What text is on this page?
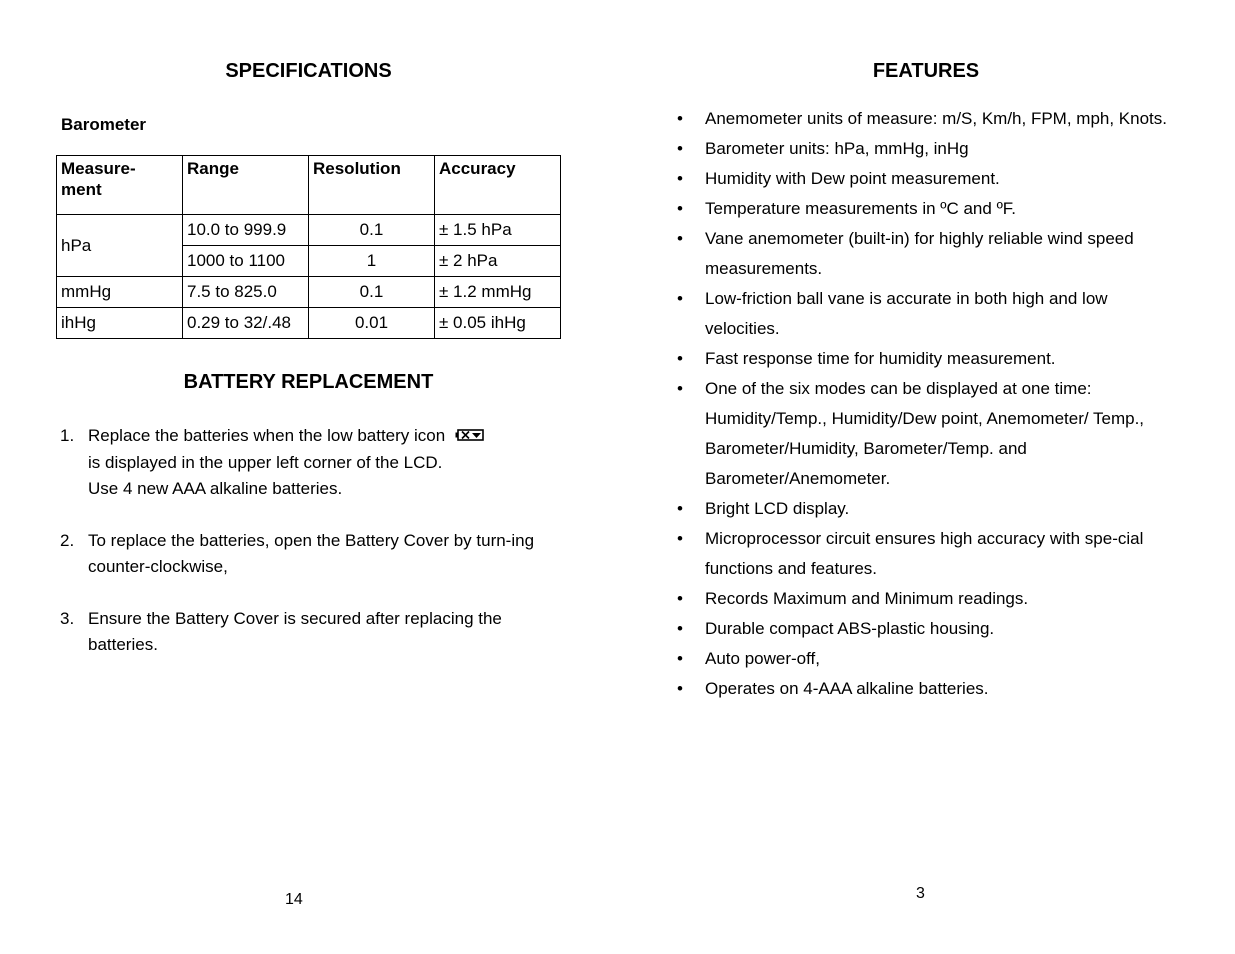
SPECIFICATIONS
Barometer
Measure-
ment	Range	Resolution	Accuracy
hPa	10.0 to 999.9	0.1	± 1.5 hPa
	1000 to 1100	1	± 2 hPa
mmHg	7.5 to 825.0	0.1	± 1.2 mmHg
ihHg	0.29 to 32/.48	0.01	± 0.05 ihHg
BATTERY REPLACEMENT
1. Replace the batteries when the low battery icon
is displayed in the upper left corner of the LCD.
Use 4 new AAA alkaline batteries.
2. To replace the batteries, open the Battery Cover by turn-ing counter-clockwise,
3. Ensure the Battery Cover is secured after replacing the batteries.
14
FEATURES
• Anemometer units of measure: m/S, Km/h, FPM, mph, Knots.
• Barometer units: hPa, mmHg, inHg
• Humidity with Dew point measurement.
• Temperature measurements in ºC and ºF.
• Vane anemometer (built-in) for highly reliable wind speed measurements.
• Low-friction ball vane is accurate in both high and low velocities.
• Fast response time for humidity measurement.
• One of the six modes can be displayed at one time: Humidity/Temp., Humidity/Dew point, Anemometer/ Temp., Barometer/Humidity, Barometer/Temp. and Barometer/Anemometer.
• Bright LCD display.
• Microprocessor circuit ensures high accuracy with spe-cial functions and features.
• Records Maximum and Minimum readings.
• Durable compact ABS-plastic housing.
• Auto power-off,
• Operates on 4-AAA alkaline batteries.
3
